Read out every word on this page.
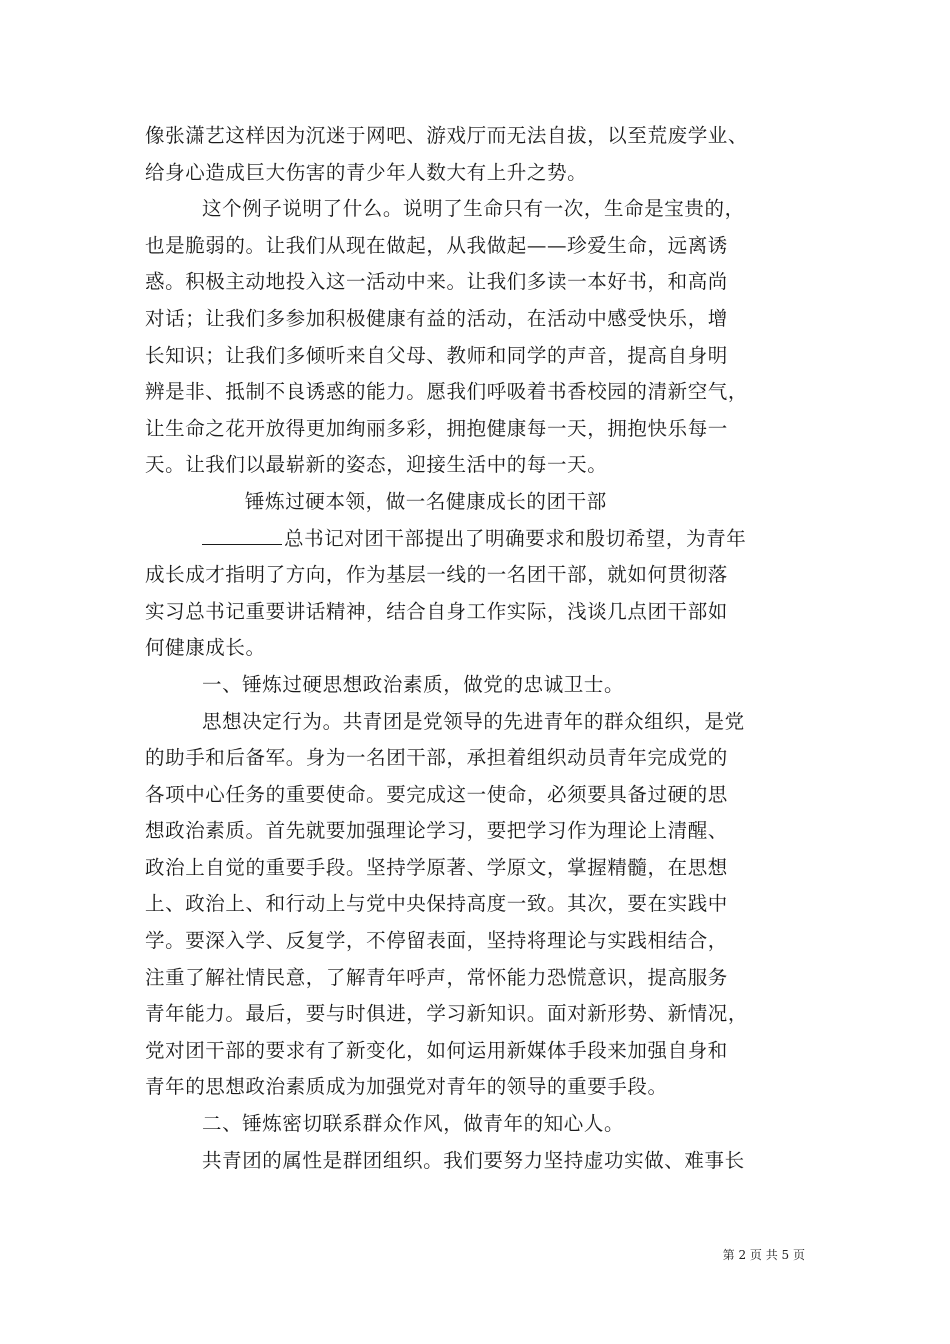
像张潇艺这样因为沉迷于网吧、游戏厅而无法自拔，以至荒废学业、
给身心造成巨大伤害的青少年人数大有上升之势。
这个例子说明了什么。说明了生命只有一次，生命是宝贵的，
也是脆弱的。让我们从现在做起，从我做起——珍爱生命，远离诱
惑。积极主动地投入这一活动中来。让我们多读一本好书，和高尚
对话；让我们多参加积极健康有益的活动，在活动中感受快乐，增
长知识；让我们多倾听来自父母、教师和同学的声音，提高自身明
辨是非、抵制不良诱惑的能力。愿我们呼吸着书香校园的清新空气，
让生命之花开放得更加绚丽多彩，拥抱健康每一天，拥抱快乐每一
天。让我们以最崭新的姿态，迎接生活中的每一天。
锤炼过硬本领，做一名健康成长的团干部
总书记对团干部提出了明确要求和殷切希望，为青年
成长成才指明了方向，作为基层一线的一名团干部，就如何贯彻落
实习总书记重要讲话精神，结合自身工作实际，浅谈几点团干部如
何健康成长。
一、锤炼过硬思想政治素质，做党的忠诚卫士。
思想决定行为。共青团是党领导的先进青年的群众组织，是党
的助手和后备军。身为一名团干部，承担着组织动员青年完成党的
各项中心任务的重要使命。要完成这一使命，必须要具备过硬的思
想政治素质。首先就要加强理论学习，要把学习作为理论上清醒、
政治上自觉的重要手段。坚持学原著、学原文，掌握精髓，在思想
上、政治上、和行动上与党中央保持高度一致。其次，要在实践中
学。要深入学、反复学，不停留表面，坚持将理论与实践相结合，
注重了解社情民意，了解青年呼声，常怀能力恐慌意识，提高服务
青年能力。最后，要与时俱进，学习新知识。面对新形势、新情况，
党对团干部的要求有了新变化，如何运用新媒体手段来加强自身和
青年的思想政治素质成为加强党对青年的领导的重要手段。
二、锤炼密切联系群众作风，做青年的知心人。
共青团的属性是群团组织。我们要努力坚持虚功实做、难事长
第 2 页 共 5 页
